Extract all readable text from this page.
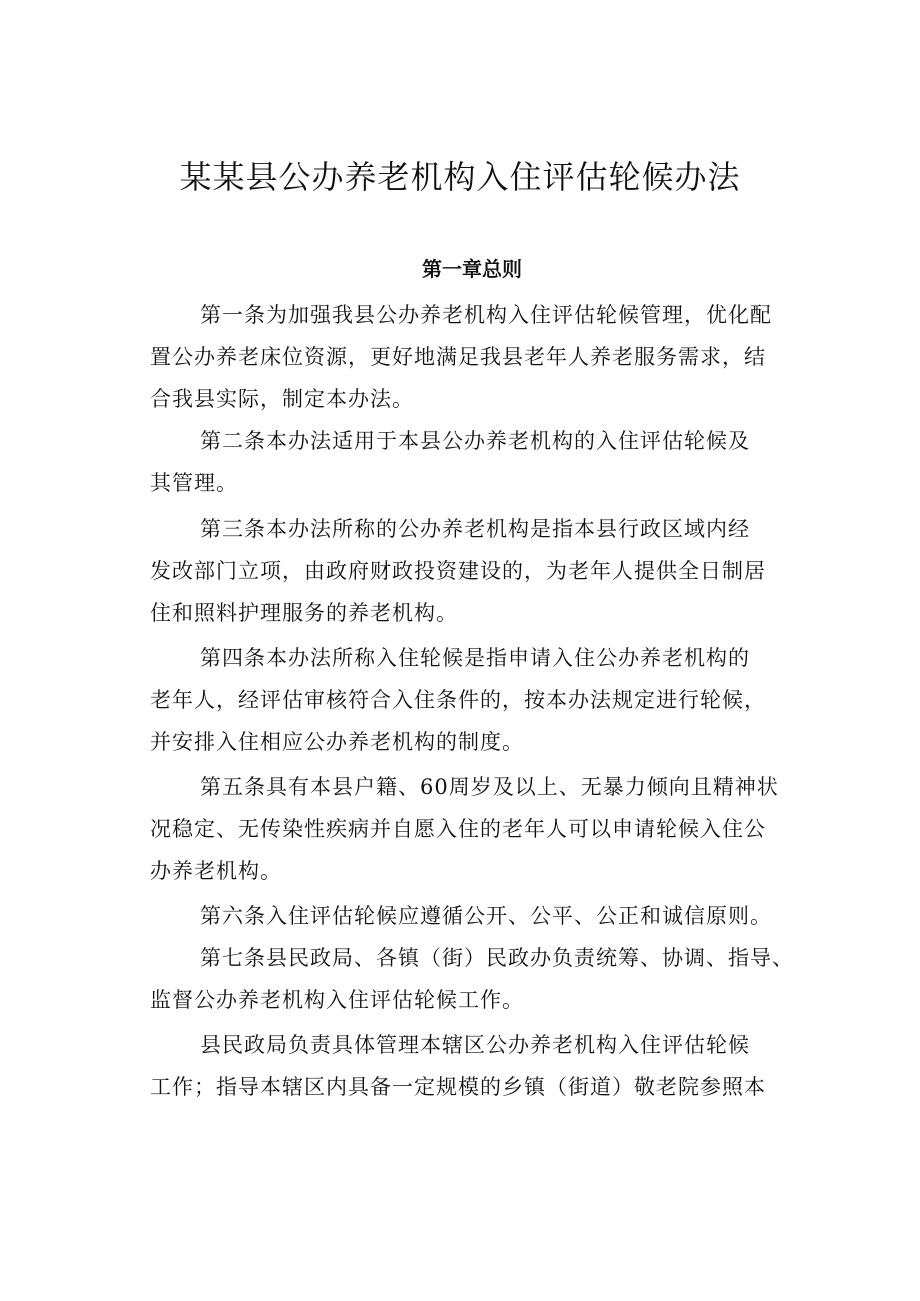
某某县公办养老机构入住评估轮候办法
第一章总则

第一条为加强我县公办养老机构入住评估轮候管理，优化配
置公办养老床位资源，更好地满足我县老年人养老服务需求，结
合我县实际，制定本办法。

第二条本办法适用于本县公办养老机构的入住评估轮候及
其管理。

第三条本办法所称的公办养老机构是指本县行政区域内经
发改部门立项，由政府财政投资建设的，为老年人提供全日制居
住和照料护理服务的养老机构。

第四条本办法所称入住轮候是指申请入住公办养老机构的
老年人，经评估审核符合入住条件的，按本办法规定进行轮候，
并安排入住相应公办养老机构的制度。

第五条具有本县户籍、60周岁及以上、无暴力倾向且精神状
况稳定、无传染性疾病并自愿入住的老年人可以申请轮候入住公
办养老机构。

第六条入住评估轮候应遵循公开、公平、公正和诚信原则。

第七条县民政局、各镇（街）民政办负责统筹、协调、指导、
监督公办养老机构入住评估轮候工作。

县民政局负责具体管理本辖区公办养老机构入住评估轮候
工作；指导本辖区内具备一定规模的乡镇（街道）敬老院参照本
